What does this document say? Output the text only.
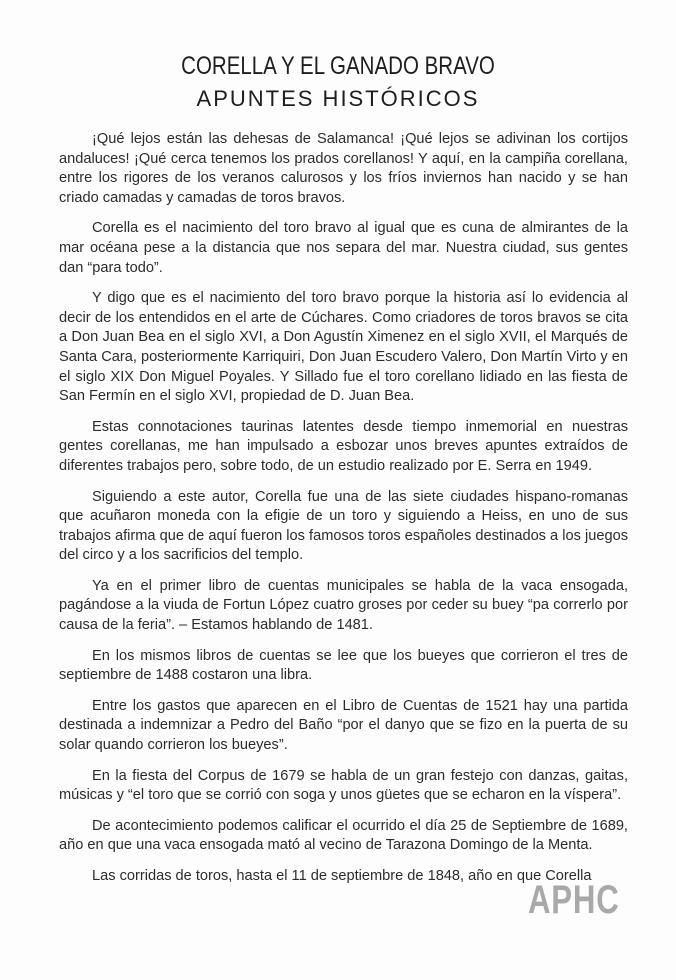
CORELLA Y EL GANADO BRAVO
APUNTES HISTÓRICOS

¡Qué lejos están las dehesas de Salamanca! ¡Qué lejos se adivinan los cortijos andaluces! ¡Qué cerca tenemos los prados corellanos! Y aquí, en la campiña corellana, entre los rigores de los veranos calurosos y los fríos inviernos han nacido y se han criado camadas y camadas de toros bravos.

Corella es el nacimiento del toro bravo al igual que es cuna de almirantes de la mar océana pese a la distancia que nos separa del mar. Nuestra ciudad, sus gentes dan “para todo”.

Y digo que es el nacimiento del toro bravo porque la historia así lo evidencia al decir de los entendidos en el arte de Cúchares. Como criadores de toros bravos se cita a Don Juan Bea en el siglo XVI, a Don Agustín Ximenez en el siglo XVII, el Marqués de Santa Cara, posteriormente Karriquiri, Don Juan Escudero Valero, Don Martín Virto y en el siglo XIX Don Miguel Poyales. Y Sillado fue el toro corellano lidiado en las fiesta de San Fermín en el siglo XVI, propiedad de D. Juan Bea.

Estas connotaciones taurinas latentes desde tiempo inmemorial en nuestras gentes corellanas, me han impulsado a esbozar unos breves apuntes extraídos de diferentes trabajos pero, sobre todo, de un estudio realizado por E. Serra en 1949.

Siguiendo a este autor, Corella fue una de las siete ciudades hispano-romanas que acuñaron moneda con la efigie de un toro y siguiendo a Heiss, en uno de sus trabajos afirma que de aquí fueron los famosos toros españoles destinados a los juegos del circo y a los sacrificios del templo.

Ya en el primer libro de cuentas municipales se habla de la vaca ensogada, pagándose a la viuda de Fortun López cuatro groses por ceder su buey “pa correrlo por causa de la feria”. – Estamos hablando de 1481.

En los mismos libros de cuentas se lee que los bueyes que corrieron el tres de septiembre de 1488 costaron una libra.

Entre los gastos que aparecen en el Libro de Cuentas de 1521 hay una partida destinada a indemnizar a Pedro del Baño “por el danyo que se fizo en la puerta de su solar quando corrieron los bueyes”.

En la fiesta del Corpus de 1679 se habla de un gran festejo con danzas, gaitas, músicas y “el toro que se corrió con soga y unos güetes que se echaron en la víspera”.

De acontecimiento podemos calificar el ocurrido el día 25 de Septiembre de 1689, año en que una vaca ensogada mató al vecino de Tarazona Domingo de la Menta.

Las corridas de toros, hasta el 11 de septiembre de 1848, año en que Corella

APHC
